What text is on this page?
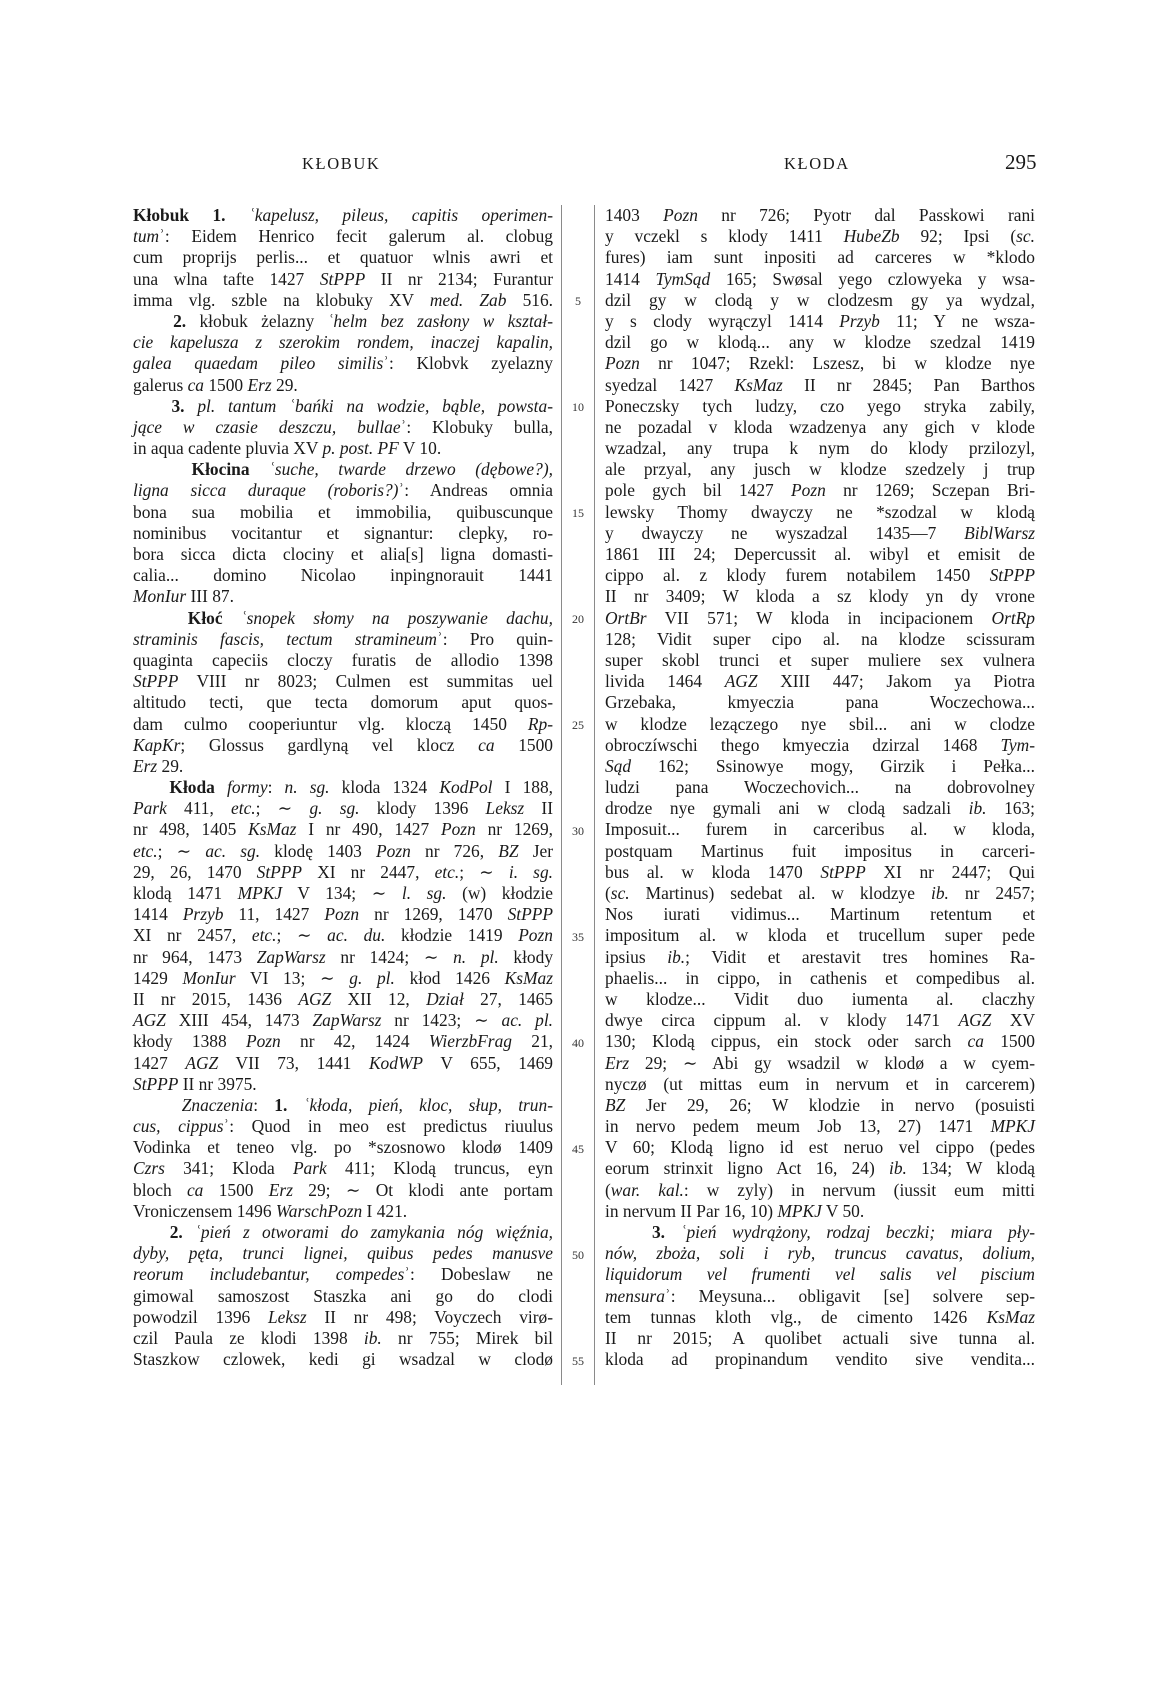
KŁOBUK	KŁODA	295
Kłobuk 1. ʿkapelusz, pileus, capitis operimen-
tumʾ: Eidem Henrico fecit galerum al. clobug
cum proprijs perlis... et quatuor wlnis awri et
una wlna tafte 1427 StPPP II nr 2134; Furantur
imma vlg. szble na klobuky XV med. Zab 516.
2. kłobuk żelazny ʿhelm bez zasłony w kształ-
cie kapelusza z szerokim rondem, inaczej kapalin,
galea quaedam pileo similisʾ: Klobvk zyelazny
galerus ca 1500 Erz 29.
3. pl. tantum ʿbańki na wodzie, bąble, powsta-
jące w czasie deszczu, bullaeʾ: Klobuky bulla,
in aqua cadente pluvia XV p. post. PF V 10.
Kłocina ʿsuche, twarde drzewo (dębowe?),
ligna sicca duraque (roboris?)ʾ: Andreas omnia
bona sua mobilia et immobilia, quibuscunque
nominibus vocitantur et signantur: clepky, ro-
bora sicca dicta clociny et alia[s] ligna domasti-
calia... domino Nicolao inpingnorauit 1441
MonIur III 87.
Kłoć ʿsnopek słomy na poszywanie dachu,
straminis fascis, tectum stramineumʾ: Pro quin-
quaginta capeciis cloczy furatis de allodio 1398
StPPP VIII nr 8023; Culmen est summitas uel
altitudo tecti, que tecta domorum aput quos-
dam culmo cooperiuntur vlg. kloczą 1450 Rp-
KapKr; Glossus gardlyną vel klocz ca 1500
Erz 29.
Kłoda formy: n. sg. kloda 1324 KodPol I 188,
Park 411, etc.; ∼ g. sg. klody 1396 Leksz II
nr 498, 1405 KsMaz I nr 490, 1427 Pozn nr 1269,
etc.; ∼ ac. sg. klodę 1403 Pozn nr 726, BZ Jer
29, 26, 1470 StPPP XI nr 2447, etc.; ∼ i. sg.
klodą 1471 MPKJ V 134; ∼ l. sg. (w) kłodzie
1414 Przyb 11, 1427 Pozn nr 1269, 1470 StPPP
XI nr 2457, etc.; ∼ ac. du. kłodzie 1419 Pozn
nr 964, 1473 ZapWarsz nr 1424; ∼ n. pl. kłody
1429 MonIur VI 13; ∼ g. pl. kłod 1426 KsMaz
II nr 2015, 1436 AGZ XII 12, Dział 27, 1465
AGZ XIII 454, 1473 ZapWarsz nr 1423; ∼ ac. pl.
kłody 1388 Pozn nr 42, 1424 WierzbFrag 21,
1427 AGZ VII 73, 1441 KodWP V 655, 1469
StPPP II nr 3975.
Znaczenia: 1. ʿkłoda, pień, kloc, słup, trun-
cus, cippusʾ: Quod in meo est predictus riuulus
Vodinka et teneo vlg. po *szosnowo klodø 1409
Czrs 341; Kloda Park 411; Klodą truncus, eyn
bloch ca 1500 Erz 29; ∼ Ot klodi ante portam
Vroniczensem 1496 WarschPozn I 421.
2. ʿpień z otworami do zamykania nóg więźnia,
dyby, pęta, trunci lignei, quibus pedes manusve
reorum includebantur, compedesʾ: Dobeslaw ne
gimowal samoszost Staszka ani go do clodi
powodzil 1396 Leksz II nr 498; Voyczech virø-
czil Paula ze klodi 1398 ib. nr 755; Mirek bil
Staszkow czlowek, kedi gi wsadzal w clodø
5
10
15
20
25
30
35
40
45
50
55
1403 Pozn nr 726; Pyotr dal Passkowi rani
y vczekl s klody 1411 HubeZb 92; Ipsi (sc.
fures) iam sunt inpositi ad carceres w *klodo
1414 TymSąd 165; Swøsal yego czlowyeka y wsa-
dzil gy w clodą y w clodzesm gy ya wydzal,
y s clody wyrączyl 1414 Przyb 11; Y ne wsza-
dzil go w klodą... any w klodze szedzal 1419
Pozn nr 1047; Rzekl: Lszesz, bi w klodze nye
syedzal 1427 KsMaz II nr 2845; Pan Barthos
Poneczsky tych ludzy, czo yego stryka zabily,
ne pozadal v kloda wzadzenya any gich v klode
wzadzal, any trupa k nym do klody przilozyl,
ale przyal, any jusch w klodze szedzely j trup
pole gych bil 1427 Pozn nr 1269; Sczepan Bri-
lewsky Thomy dwayczy ne *szodzal w klodą
y dwayczy ne wyszadzal 1435—7 BiblWarsz
1861 III 24; Depercussit al. wibyl et emisit de
cippo al. z klody furem notabilem 1450 StPPP
II nr 3409; W kloda a sz klody yn dy vrone
OrtBr VII 571; W kloda in incipacionem OrtRp
128; Vidit super cipo al. na klodze scissuram
super skobl trunci et super muliere sex vulnera
livida 1464 AGZ XIII 447; Jakom ya Piotra
Grzebaka, kmyeczia pana Woczechowa...
w klodze lezączego nye sbil... ani w clodze
obroczíwschi thego kmyeczia dzirzal 1468 Tym-
Sąd 162; Ssinowye mogy, Girzik i Pełka...
ludzi pana Woczechovich... na dobrovolney
drodze nye gymali ani w clodą sadzali ib. 163;
Imposuit... furem in carceribus al. w kloda,
postquam Martinus fuit impositus in carceri-
bus al. w kloda 1470 StPPP XI nr 2447; Qui
(sc. Martinus) sedebat al. w klodzye ib. nr 2457;
Nos iurati vidimus... Martinum retentum et
impositum al. w kloda et trucellum super pede
ipsius ib.; Vidit et arestavit tres homines Ra-
phaelis... in cippo, in cathenis et compedibus al.
w klodze... Vidit duo iumenta al. claczhy
dwye circa cippum al. v klody 1471 AGZ XV
130; Klodą cippus, ein stock oder sarch ca 1500
Erz 29; ∼ Abi gy wsadzil w klodø a w cyem-
nyczø (ut mittas eum in nervum et in carcerem)
BZ Jer 29, 26; W klodzie in nervo (posuisti
in nervo pedem meum Job 13, 27) 1471 MPKJ
V 60; Klodą ligno id est neruo vel cippo (pedes
eorum strinxit ligno Act 16, 24) ib. 134; W klodą
(war. kal.: w zyly) in nervum (iussit eum mitti
in nervum II Par 16, 10) MPKJ V 50.
3. ʿpień wydrążony, rodzaj beczki; miara pły-
nów, zboża, soli i ryb, truncus cavatus, dolium,
liquidorum vel frumenti vel salis vel piscium
mensuraʾ: Meysuna... obligavit [se] solvere sep-
tem tunnas kloth vlg., de cimento 1426 KsMaz
II nr 2015; A quolibet actuali sive tunna al.
kloda ad propinandum vendito sive vendita...
